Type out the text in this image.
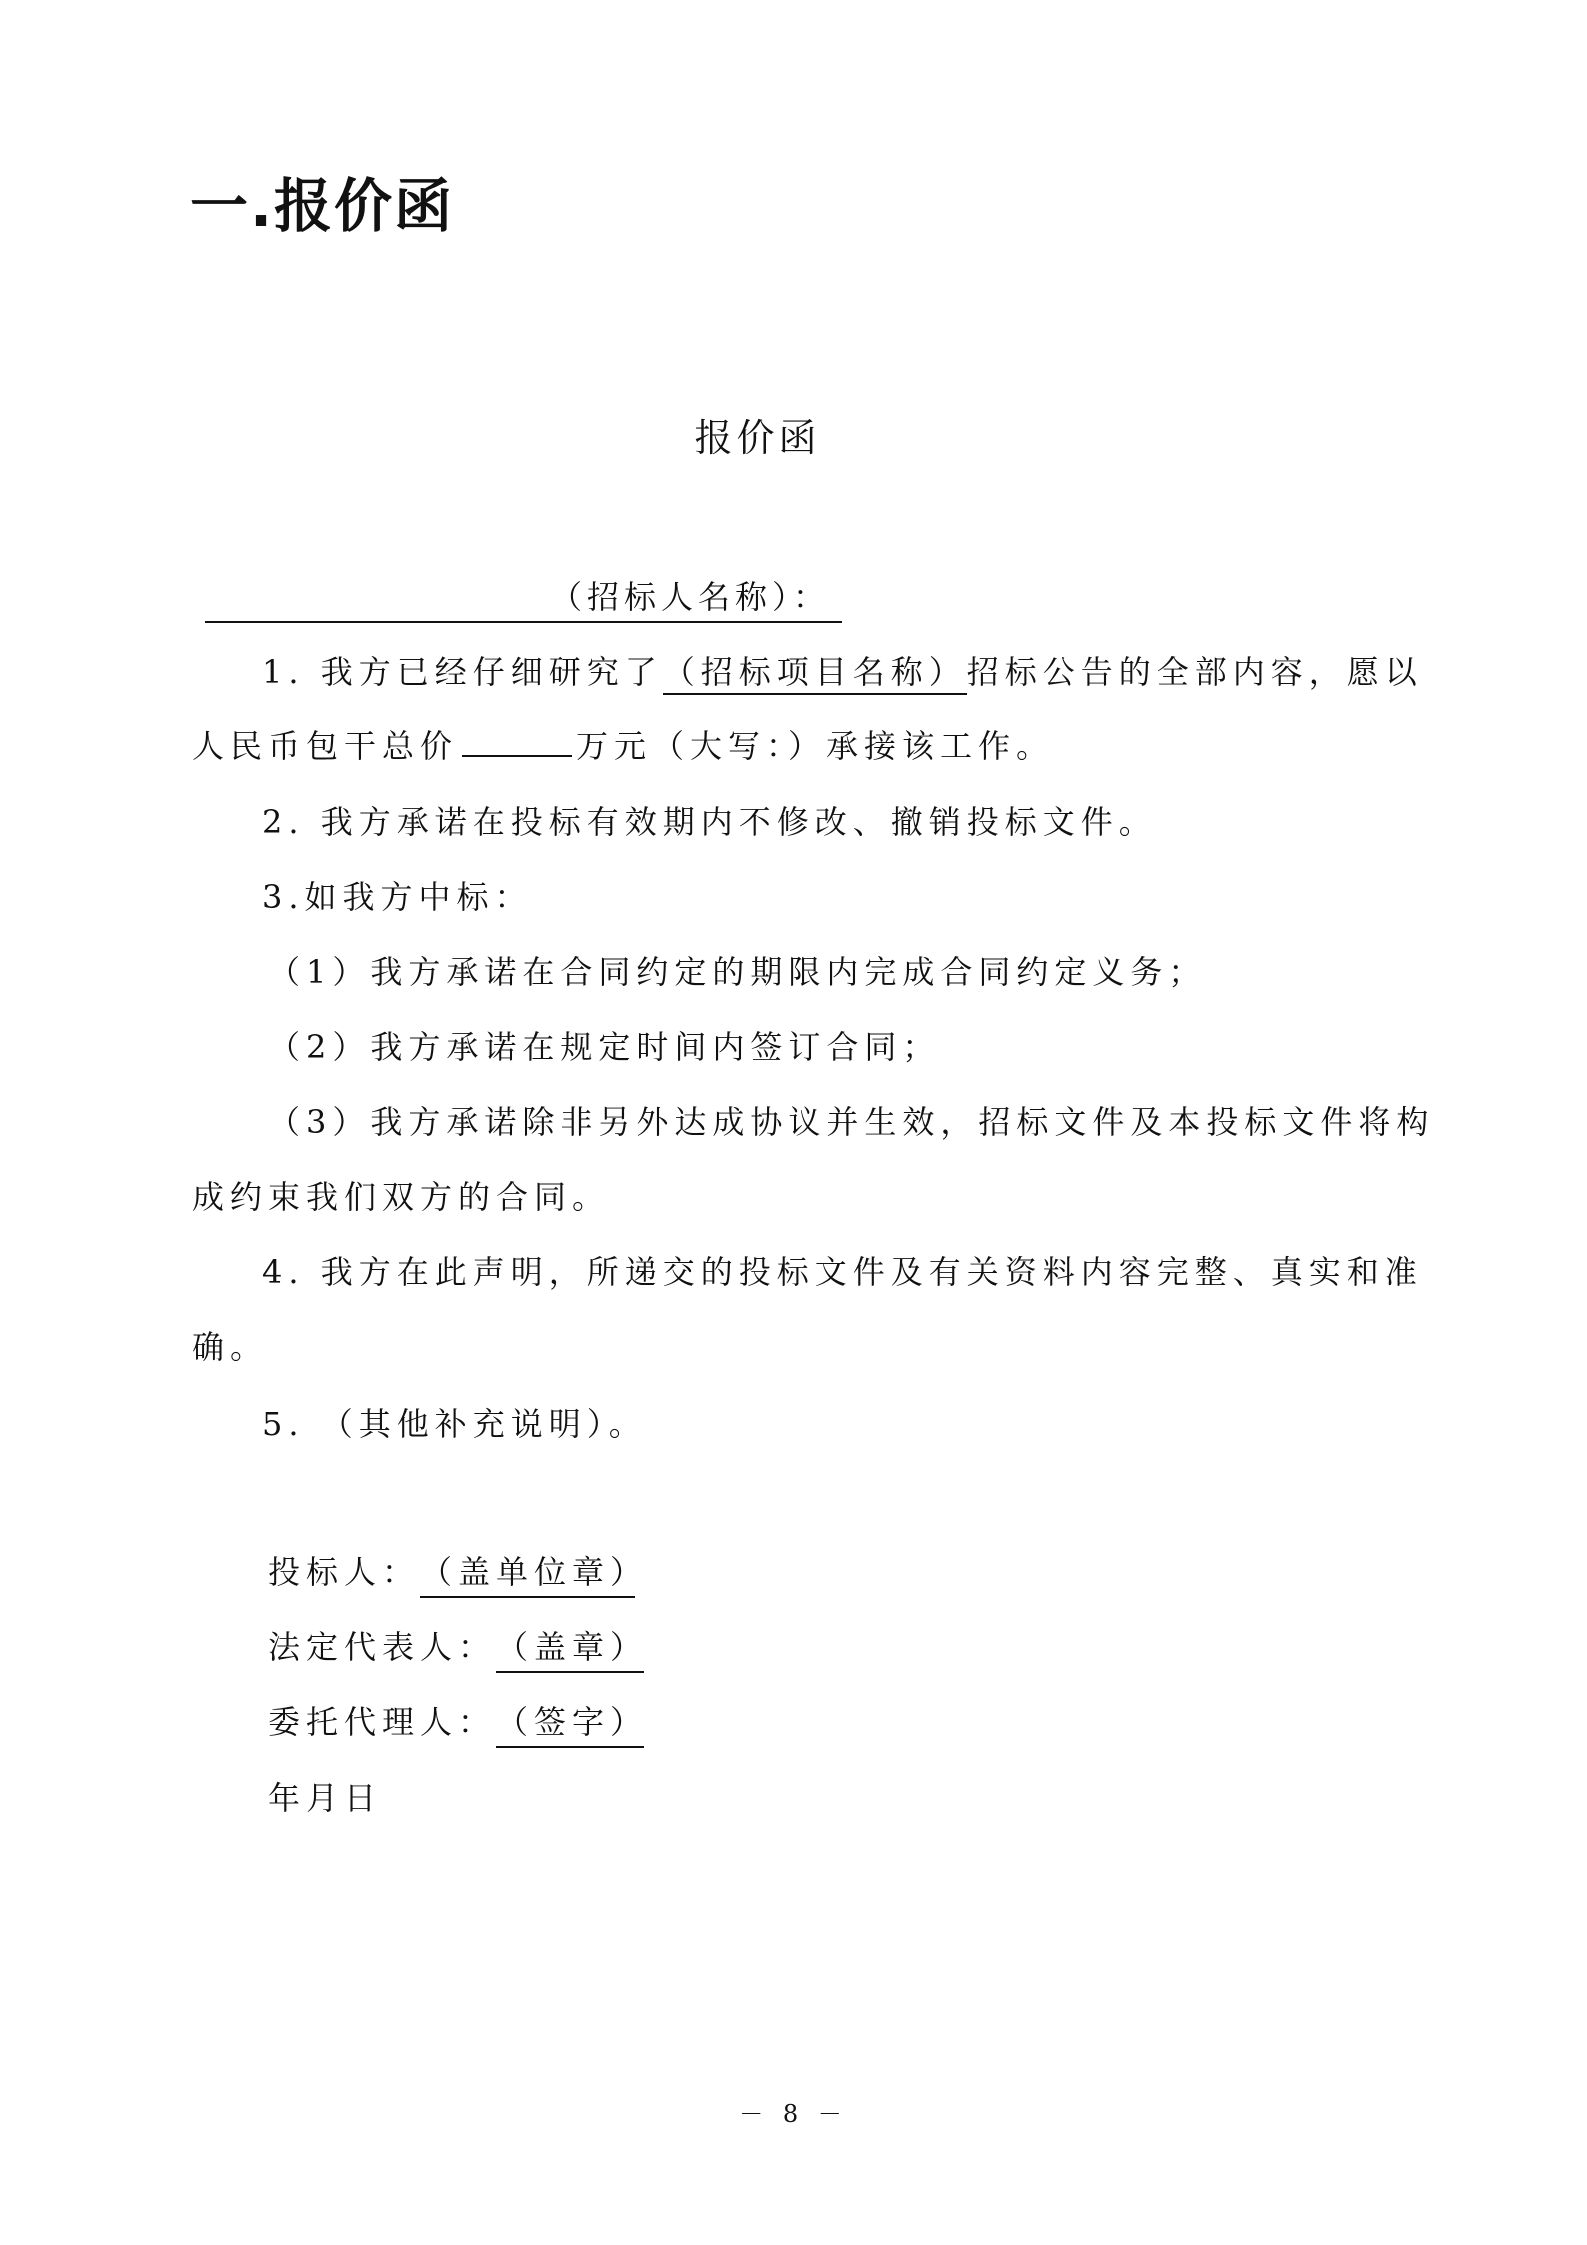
一.报价函
报价函
（招标人名称）：
1. 我方已经仔细研究了（招标项目名称）招标公告的全部内容，愿以
人民币包干总价	万元（大写：）承接该工作。
2. 我方承诺在投标有效期内不修改、撤销投标文件。
3.如我方中标：
（1）我方承诺在合同约定的期限内完成合同约定义务；
（2）我方承诺在规定时间内签订合同；
（3）我方承诺除非另外达成协议并生效，招标文件及本投标文件将构
成约束我们双方的合同。
4. 我方在此声明，所递交的投标文件及有关资料内容完整、真实和准
确。
5. （其他补充说明）。
投标人：（盖单位章）
法定代表人：（盖章）
委托代理人：（签字）
年月日
－ 8 －
